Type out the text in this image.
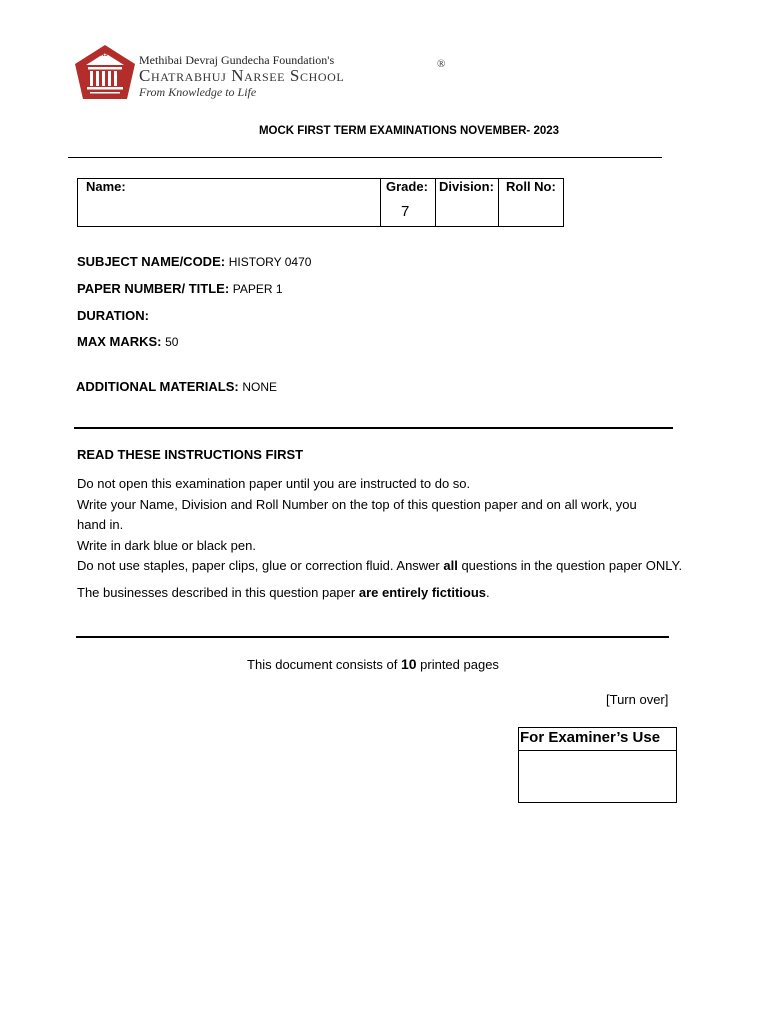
CNS	Methibai Devraj Gundecha Foundation's
Chatrabhuj Narsee School
®
From Knowledge to Life
MOCK FIRST TERM EXAMINATIONS NOVEMBER- 2023
Name:	Grade:
7
Division: Roll No:
SUBJECT NAME/CODE: HISTORY 0470
PAPER NUMBER/ TITLE: PAPER 1
DURATION:
MAX MARKS: 50
ADDITIONAL MATERIALS: NONE
READ THESE INSTRUCTIONS FIRST

Do not open this examination paper until you are instructed to do so.

Write your Name, Division and Roll Number on the top of this question paper and on all work, you hand in.

Write in dark blue or black pen.

Do not use staples, paper clips, glue or correction fluid. Answer all questions in the question paper ONLY.

The businesses described in this question paper are entirely fictitious.

This document consists of 10 printed pages
[Turn over]
For Examiner’s Use
